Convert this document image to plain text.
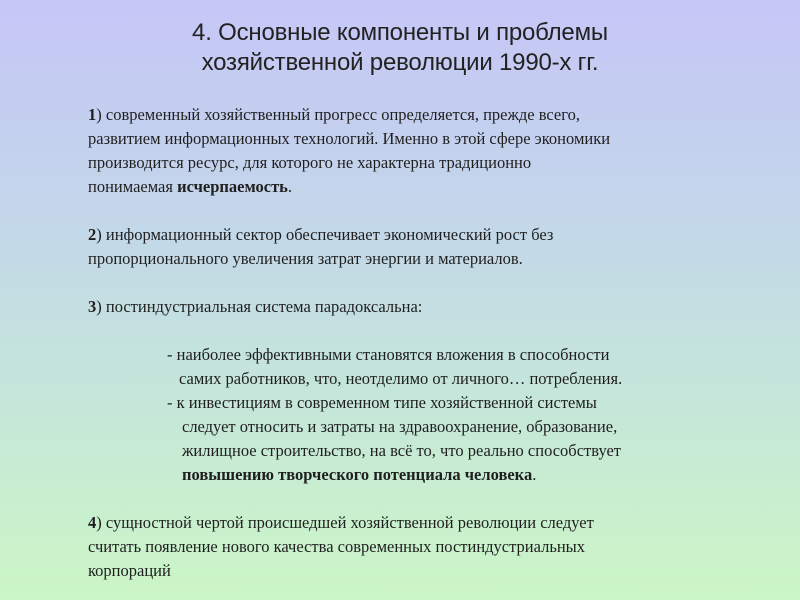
4. Основные компоненты и проблемы
хозяйственной революции 1990-х гг.
1) современный хозяйственный прогресс определяется, прежде всего,
развитием информационных технологий. Именно в этой сфере экономики
производится ресурс, для которого не характерна традиционно
понимаемая исчерпаемость.
2) информационный сектор обеспечивает экономический рост без
пропорционального увеличения затрат энергии и материалов.
3) постиндустриальная система парадоксальна:
- наиболее эффективными становятся вложения в способности
самих работников, что, неотделимо от личного… потребления.
- к инвестициям в современном типе хозяйственной системы
следует относить и затраты на здравоохранение, образование,
жилищное строительство, на всё то, что реально способствует
повышению творческого потенциала человека.
4) сущностной чертой происшедшей хозяйственной революции следует
считать появление нового качества современных постиндустриальных
корпораций
